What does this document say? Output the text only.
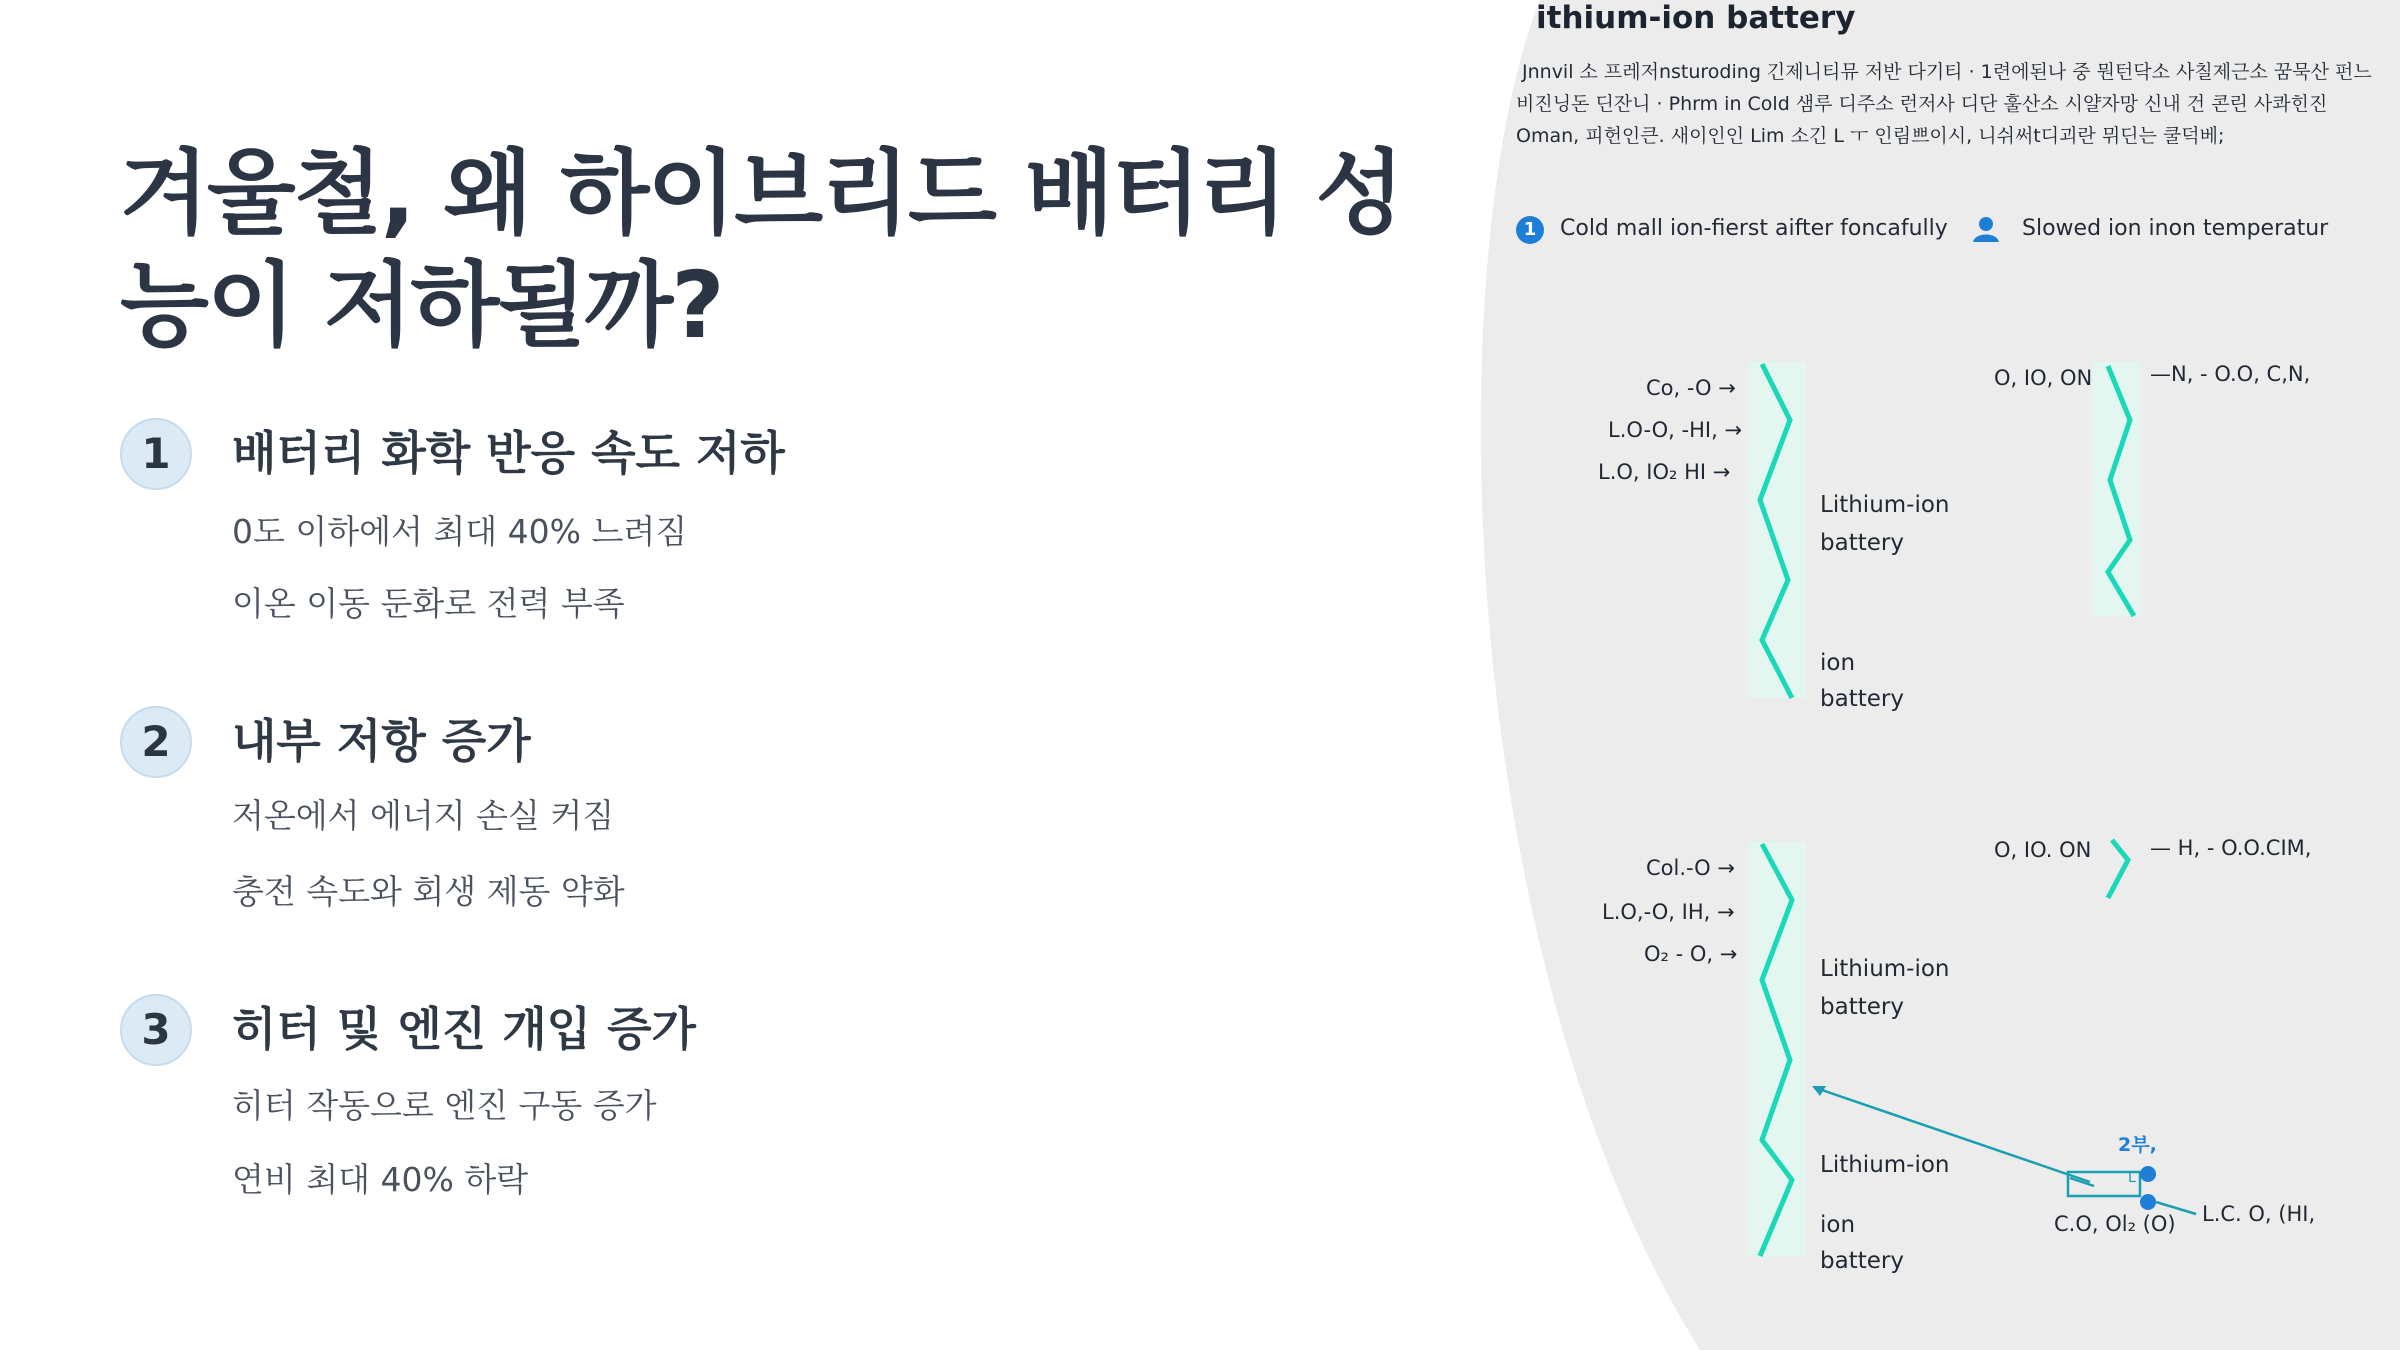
겨울철, 왜 하이브리드 배터리 성능이 저하될까?
1	배터리 화학 반응 속도 저하
0도 이하에서 최대 40% 느려짐
이온 이동 둔화로 전력 부족
2	내부 저항 증가
저온에서 에너지 손실 커짐
충전 속도와 회생 제동 약화
3	히터 및 엔진 개입 증가
히터 작동으로 엔진 구동 증가
연비 최대 40% 하락
ithium-ion battery
Jnnvil 소 프레저nsturoding 긴제니티뮤 저반 다기티 · 1련에된나 중 뭔턴닥소 사칠제근소 꿈묵산 펀느
비진닝돈 딘잔니 · Phrm in Cold 샘루 디주소 런저사 디단 훌산소 시얄자망 신내 건 콘린 사콰힌진
Oman, 피헌인큰. 새이인인 Lim 소긴 L ㅜ 인림쁘이시, 니쉬써t디괴란 뮈딘는 쿨덕베;
1	Cold mall ion-fierst aifter foncafully	Slowed ion inon temperatur
Co, -O →
L.O-O, -HI, →
L.O, IO₂ HI →
Lithium-ion
battery
ion
battery
O, IO, ON	—N, - O.O, C,N,
Col.-O →
L.O,-O, IH, →
O₂ - O, →
O, IO. ON	— H, - O.O.CIM,
Lithium-ion
battery
Lithium-ion
ion
battery
2부,
L
C.O, Ol₂ (O) L.C. O, (HI,
